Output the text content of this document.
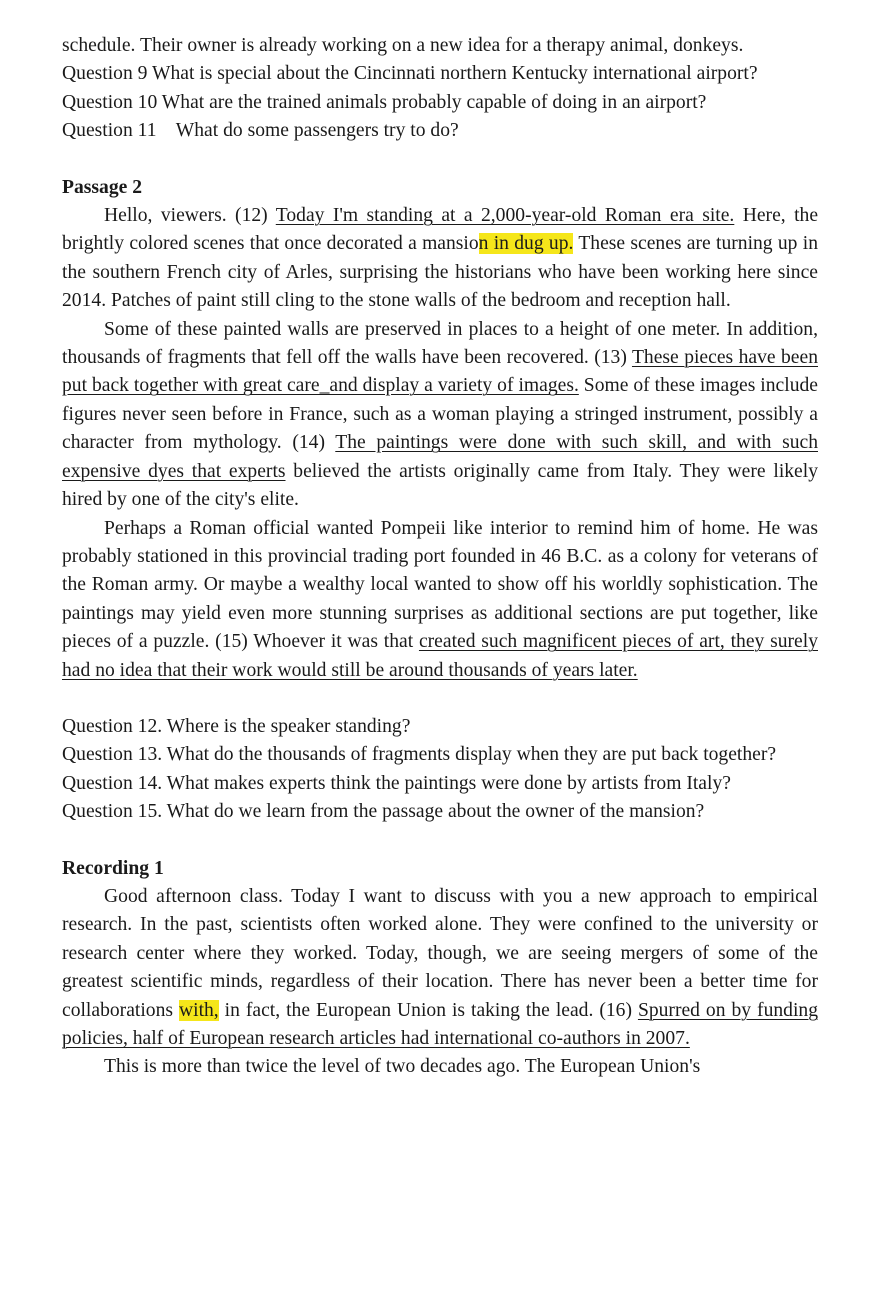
schedule. Their owner is already working on a new idea for a therapy animal, donkeys.

Question 9 What is special about the Cincinnati northern Kentucky international airport?

Question 10 What are the trained animals probably capable of doing in an airport?

Question 11    What do some passengers try to do?

Passage 2

Hello, viewers. (12) Today I'm standing at a 2,000-year-old Roman era site. Here, the brightly colored scenes that once decorated a mansion in dug up. These scenes are turning up in the southern French city of Arles, surprising the historians who have been working here since 2014. Patches of paint still cling to the stone walls of the bedroom and reception hall.

Some of these painted walls are preserved in places to a height of one meter. In addition, thousands of fragments that fell off the walls have been recovered. (13) These pieces have been put back together with great care_and display a variety of images. Some of these images include figures never seen before in France, such as a woman playing a stringed instrument, possibly a character from mythology. (14) The paintings were done with such skill, and with such expensive dyes that experts believed the artists originally came from Italy. They were likely hired by one of the city's elite.

Perhaps a Roman official wanted Pompeii like interior to remind him of home. He was probably stationed in this provincial trading port founded in 46 B.C. as a colony for veterans of the Roman army. Or maybe a wealthy local wanted to show off his worldly sophistication. The paintings may yield even more stunning surprises as additional sections are put together, like pieces of a puzzle. (15) Whoever it was that created such magnificent pieces of art, they surely had no idea that their work would still be around thousands of years later.

Question 12. Where is the speaker standing?

Question 13. What do the thousands of fragments display when they are put back together?

Question 14. What makes experts think the paintings were done by artists from Italy?

Question 15. What do we learn from the passage about the owner of the mansion?

Recording 1

Good afternoon class. Today I want to discuss with you a new approach to empirical research. In the past, scientists often worked alone. They were confined to the university or research center where they worked. Today, though, we are seeing mergers of some of the greatest scientific minds, regardless of their location. There has never been a better time for collaborations with, in fact, the European Union is taking the lead. (16) Spurred on by funding policies, half of European research articles had international co-authors in 2007.

This is more than twice the level of two decades ago. The European Union's
